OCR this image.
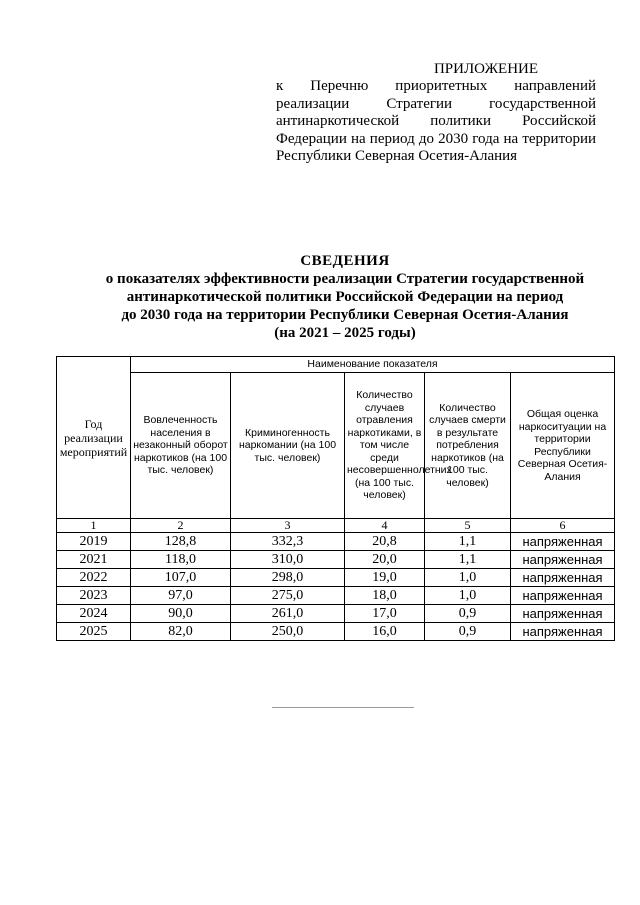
ПРИЛОЖЕНИЕ
к Перечню приоритетных направлений реализации Стратегии государственной антинаркотической политики Российской Федерации на период до 2030 года на территории Республики Северная Осетия-Алания
СВЕДЕНИЯ
о показателях эффективности реализации Стратегии государственной
антинаркотической политики Российской Федерации на период
до 2030 года на территории Республики Северная Осетия-Алания
(на 2021 – 2025 годы)
Год реализации мероприятий	Наименование показателя				
	Вовлеченность населения в незаконный оборот наркотиков (на 100 тыс. человек)	Криминогенность наркомании (на 100 тыс. человек)	Количество случаев отравления наркотиками, в том числе среди несовершеннолетних (на 100 тыс. человек)	Количество случаев смерти в результате потребления наркотиков (на 100 тыс. человек)	Общая оценка наркоситуации на территории Республики Северная Осетия-Алания
1	2	3	4	5	6
2019	128,8	332,3	20,8	1,1	напряженная
2021	118,0	310,0	20,0	1,1	напряженная
2022	107,0	298,0	19,0	1,0	напряженная
2023	97,0	275,0	18,0	1,0	напряженная
2024	90,0	261,0	17,0	0,9	напряженная
2025	82,0	250,0	16,0	0,9	напряженная
